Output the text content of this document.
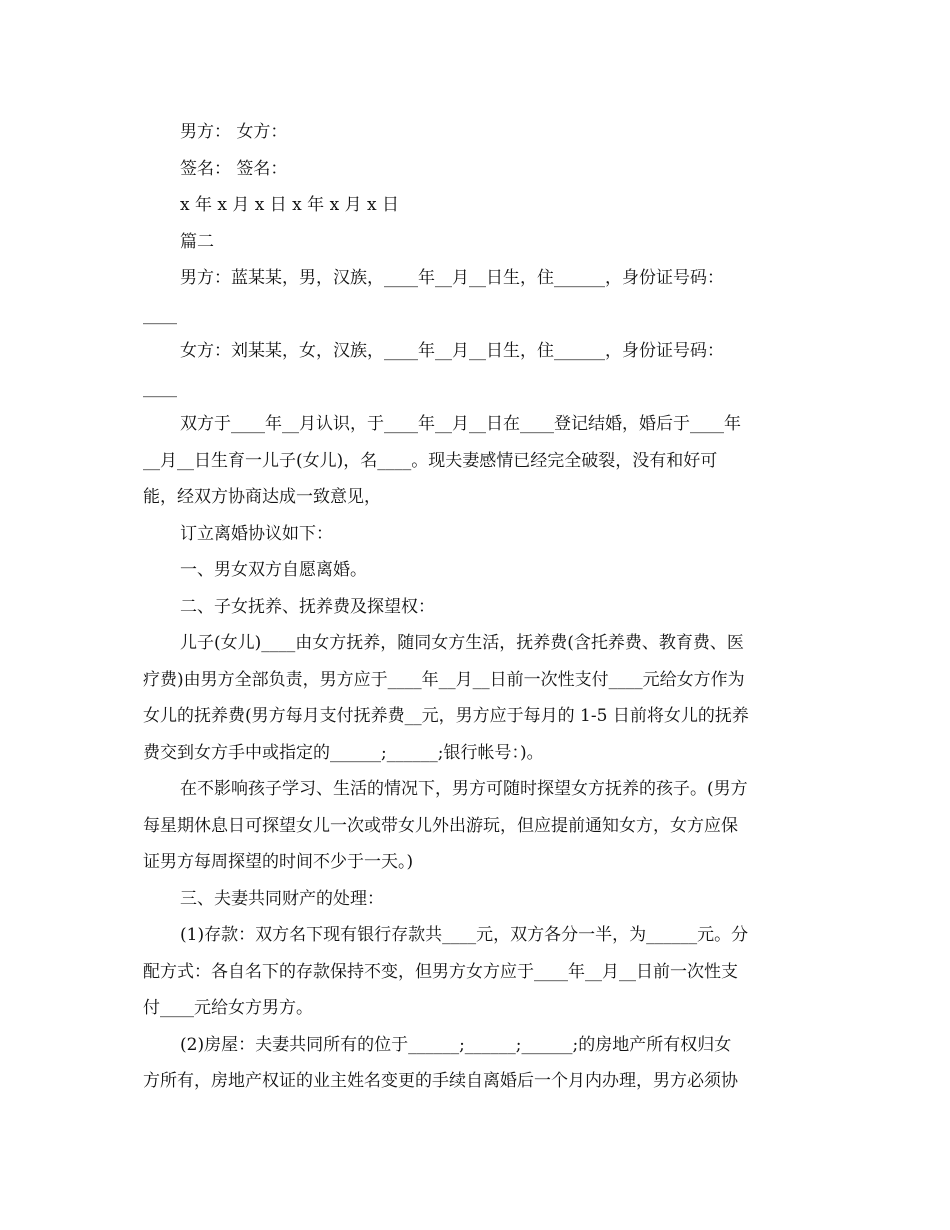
男方： 女方：
签名： 签名：
x 年 x 月 x 日 x 年 x 月 x 日
篇二
男方：蓝某某，男，汉族，____年__月__日生，住______，身份证号码：
____
女方：刘某某，女，汉族，____年__月__日生，住______，身份证号码：
____
双方于____年__月认识，于____年__月__日在____登记结婚，婚后于____年
__月__日生育一儿子(女儿)，名____。现夫妻感情已经完全破裂，没有和好可
能，经双方协商达成一致意见，
订立离婚协议如下：
一、男女双方自愿离婚。
二、子女抚养、抚养费及探望权：
儿子(女儿)____由女方抚养，随同女方生活，抚养费(含托养费、教育费、医
疗费)由男方全部负责，男方应于____年__月__日前一次性支付____元给女方作为
女儿的抚养费(男方每月支付抚养费__元，男方应于每月的 1-5 日前将女儿的抚养
费交到女方手中或指定的______;______;银行帐号：)。
在不影响孩子学习、生活的情况下，男方可随时探望女方抚养的孩子。(男方
每星期休息日可探望女儿一次或带女儿外出游玩，但应提前通知女方，女方应保
证男方每周探望的时间不少于一天。)
三、夫妻共同财产的处理：
(1)存款：双方名下现有银行存款共____元，双方各分一半，为______元。分
配方式：各自名下的存款保持不变，但男方女方应于____年__月__日前一次性支
付____元给女方男方。
(2)房屋：夫妻共同所有的位于______;______;______;的房地产所有权归女
方所有，房地产权证的业主姓名变更的手续自离婚后一个月内办理，男方必须协
